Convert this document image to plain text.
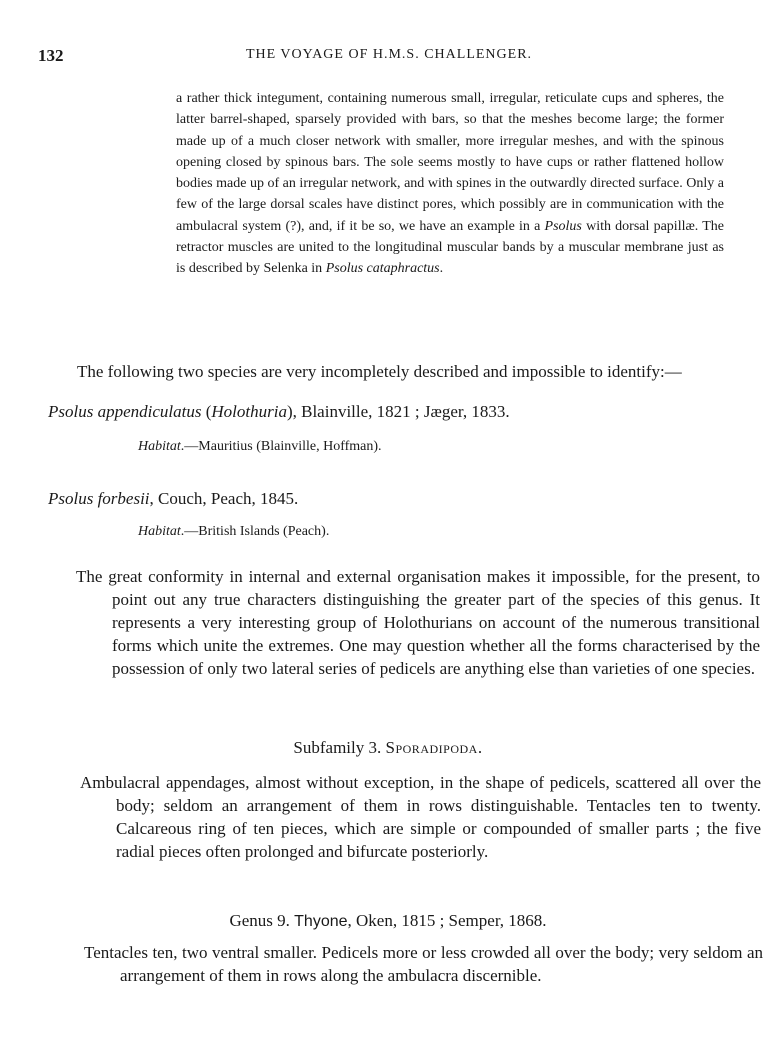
132	THE VOYAGE OF H.M.S. CHALLENGER.

a rather thick integument, containing numerous small, irregular, reticulate cups and spheres, the latter barrel-shaped, sparsely provided with bars, so that the meshes become large; the former made up of a much closer network with smaller, more irregular meshes, and with the spinous opening closed by spinous bars. The sole seems mostly to have cups or rather flattened hollow bodies made up of an irregular network, and with spines in the outwardly directed surface. Only a few of the large dorsal scales have distinct pores, which possibly are in communication with the ambulacral system (?), and, if it be so, we have an example in a Psolus with dorsal papillæ. The retractor muscles are united to the longitudinal muscular bands by a muscular membrane just as is described by Selenka in Psolus cataphractus.

The following two species are very incompletely described and impossible to identify:—
Psolus appendiculatus (Holothuria), Blainville, 1821 ; Jæger, 1833.
Habitat.—Mauritius (Blainville, Hoffman).
Psolus forbesii, Couch, Peach, 1845.
Habitat.—British Islands (Peach).

The great conformity in internal and external organisation makes it impossible, for the present, to point out any true characters distinguishing the greater part of the species of this genus. It represents a very interesting group of Holothurians on account of the numerous transitional forms which unite the extremes. One may question whether all the forms characterised by the possession of only two lateral series of pedicels are anything else than varieties of one species.

Subfamily 3. Sporadipoda.

Ambulacral appendages, almost without exception, in the shape of pedicels, scattered all over the body; seldom an arrangement of them in rows distinguishable. Tentacles ten to twenty. Calcareous ring of ten pieces, which are simple or compounded of smaller parts ; the five radial pieces often prolonged and bifurcate posteriorly.

Genus 9. Thyone, Oken, 1815 ; Semper, 1868.

Tentacles ten, two ventral smaller. Pedicels more or less crowded all over the body; very seldom an arrangement of them in rows along the ambulacra discernible.
